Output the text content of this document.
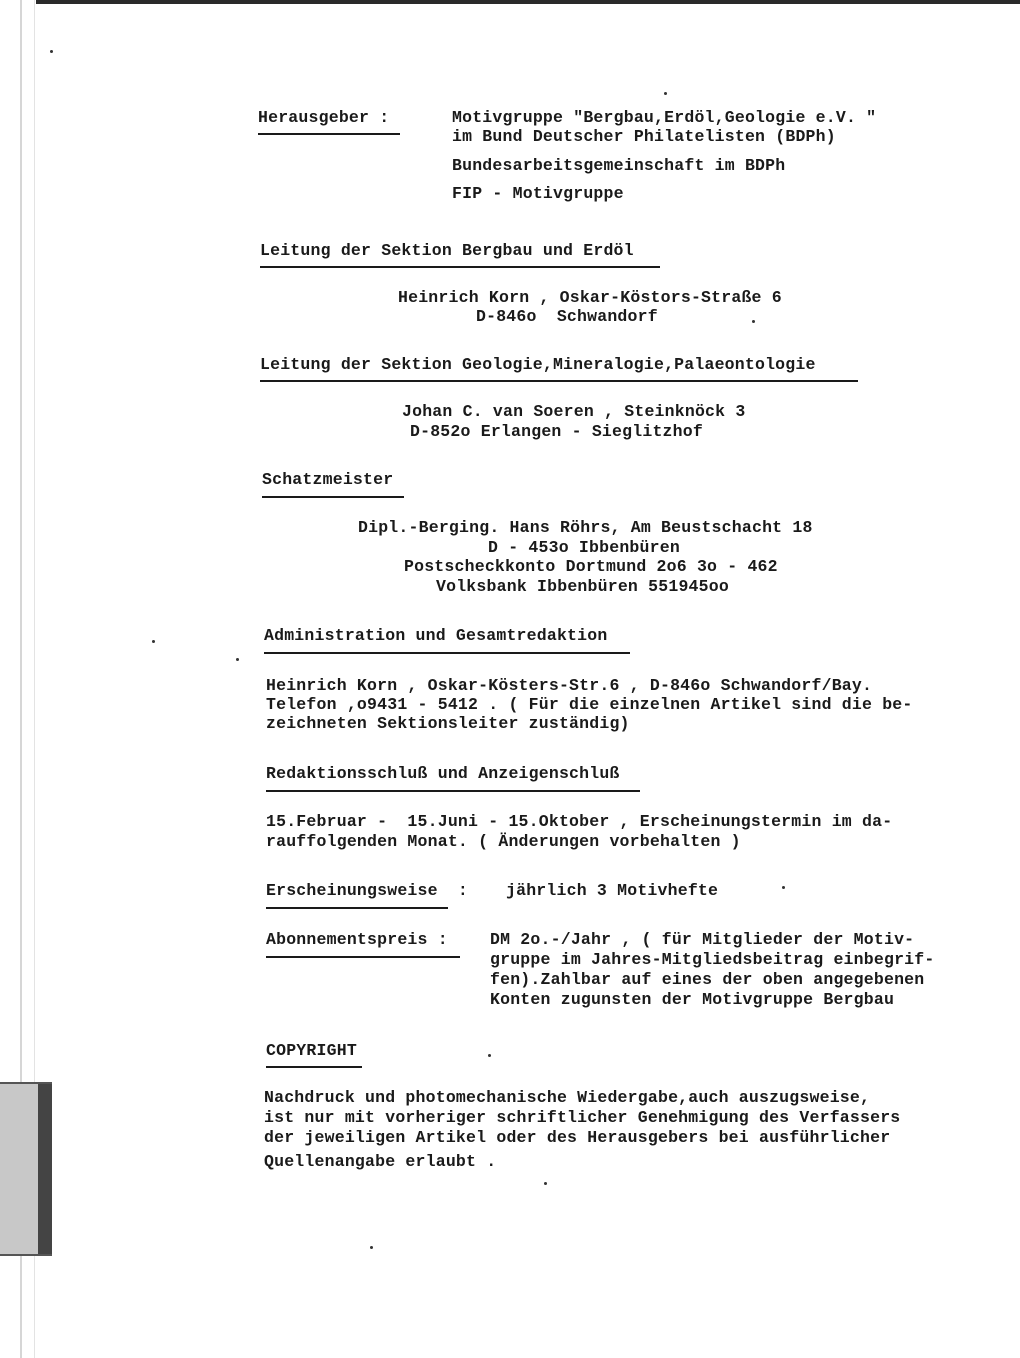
Herausgeber :	Motivgruppe "Bergbau,Erdöl,Geologie e.V. "
im Bund Deutscher Philatelisten (BDPh)
Bundesarbeitsgemeinschaft im BDPh
FIP - Motivgruppe
Leitung der Sektion Bergbau und Erdöl
Heinrich Korn , Oskar-Köstors-Straße 6
D-846o  Schwandorf
Leitung der Sektion Geologie,Mineralogie,Palaeontologie
Johan C. van Soeren , Steinknöck 3
D-852o Erlangen - Sieglitzhof
Schatzmeister
Dipl.-Berging. Hans Röhrs, Am Beustschacht 18
D - 453o Ibbenbüren
Postscheckkonto Dortmund 2o6 3o - 462
Volksbank Ibbenbüren 551945oo
Administration und Gesamtredaktion
Heinrich Korn , Oskar-Kösters-Str.6 , D-846o Schwandorf/Bay.
Telefon ,o9431 - 5412 . ( Für die einzelnen Artikel sind die be-
zeichneten Sektionsleiter zuständig)
Redaktionsschluß und Anzeigenschluß
15.Februar -  15.Juni - 15.Oktober , Erscheinungstermin im da-
rauffolgenden Monat. ( Änderungen vorbehalten )
Erscheinungsweise  : jährlich 3 Motivhefte
Abonnementspreis :	DM 2o.-/Jahr , ( für Mitglieder der Motiv-
gruppe im Jahres-Mitgliedsbeitrag einbegrif-
fen).Zahlbar auf eines der oben angegebenen
Konten zugunsten der Motivgruppe Bergbau
COPYRIGHT
Nachdruck und photomechanische Wiedergabe,auch auszugsweise,
ist nur mit vorheriger schriftlicher Genehmigung des Verfassers
der jeweiligen Artikel oder des Herausgebers bei ausführlicher
Quellenangabe erlaubt .
